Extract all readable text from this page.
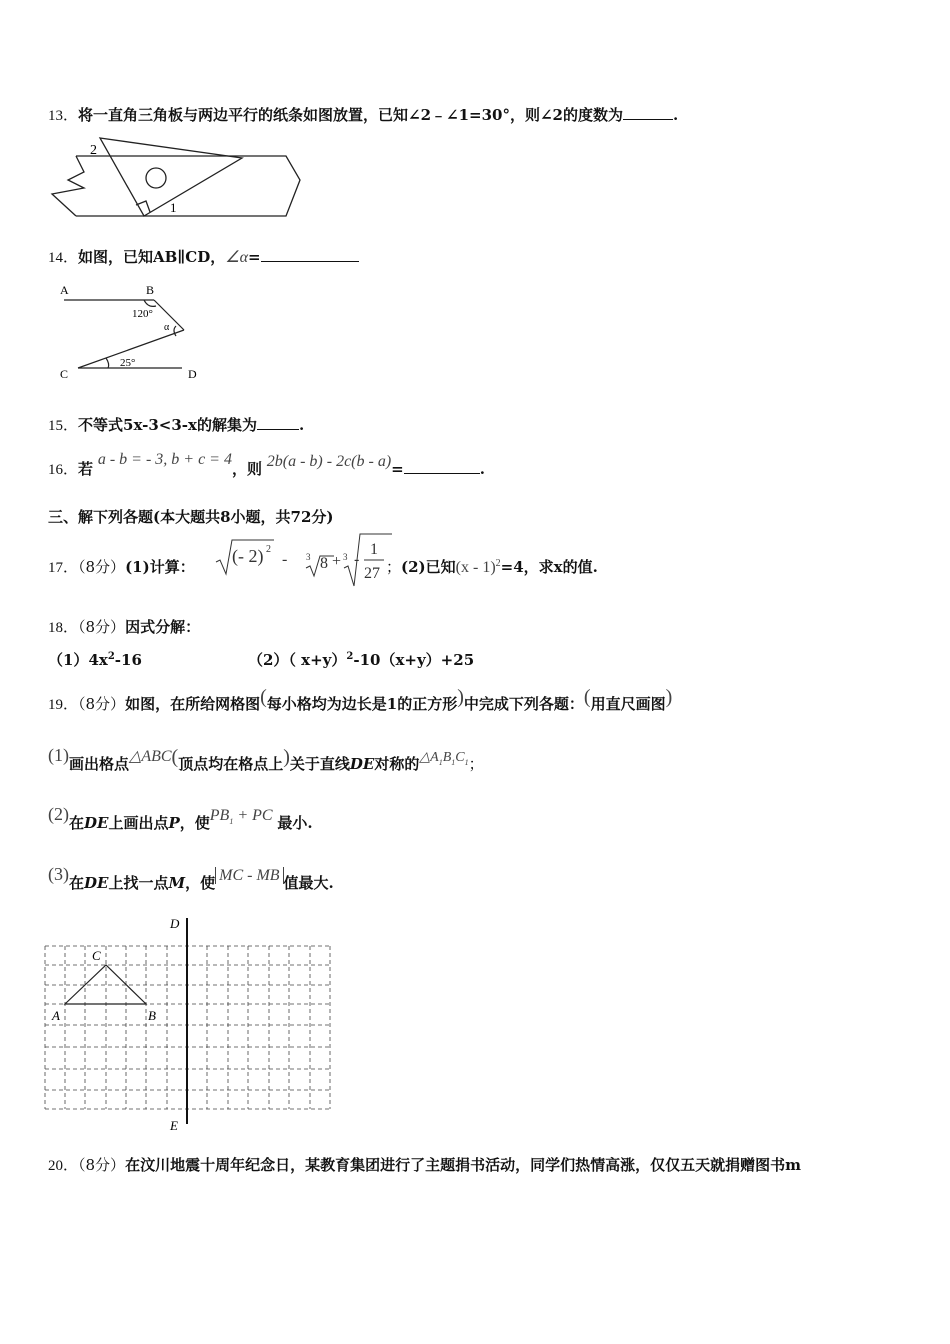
13．将一直角三角板与两边平行的纸条如图放置，已知∠2﹣∠1=30°，则∠2的度数为	.
2
1
14．如图，已知AB∥CD，∠α=
A	B
C	D
120°
α
25°
15．不等式5x-3<3-x的解集为	.
16．若 a - b = - 3, b + c = 4，则 2b(a - b) - 2c(b - a)=	.
三、解下列各题(本大题共8小题，共72分)
17．（8分）(1)计算：
(- 2) 2
- 3 8 + 3 -
1
27 ；(2)已知(x - 1)$^2$=4，求x的值.
18．（8分）因式分解：
$(1)4x^2-16$	（2）（ x+y）$^2$-10（x+y）+25
19．（8分）如图，在所给网格图(每小格均为边长是1的正方形)中完成下列各题：(用直尺画图)
(1)画出格点△ABC(顶点均在格点上)关于直线DE对称的$\triangle A_1B_1C_1$；
(2)在DE上画出点P，使$PB_1$ + PC 最小.
(3)在DE上找一点M，使 MC - MB 值最大.
D
E
A	B
C
20．（8分）在汶川地震十周年纪念日，某教育集团进行了主题捐书活动，同学们热情高涨，仅仅五天就捐赠图书m
